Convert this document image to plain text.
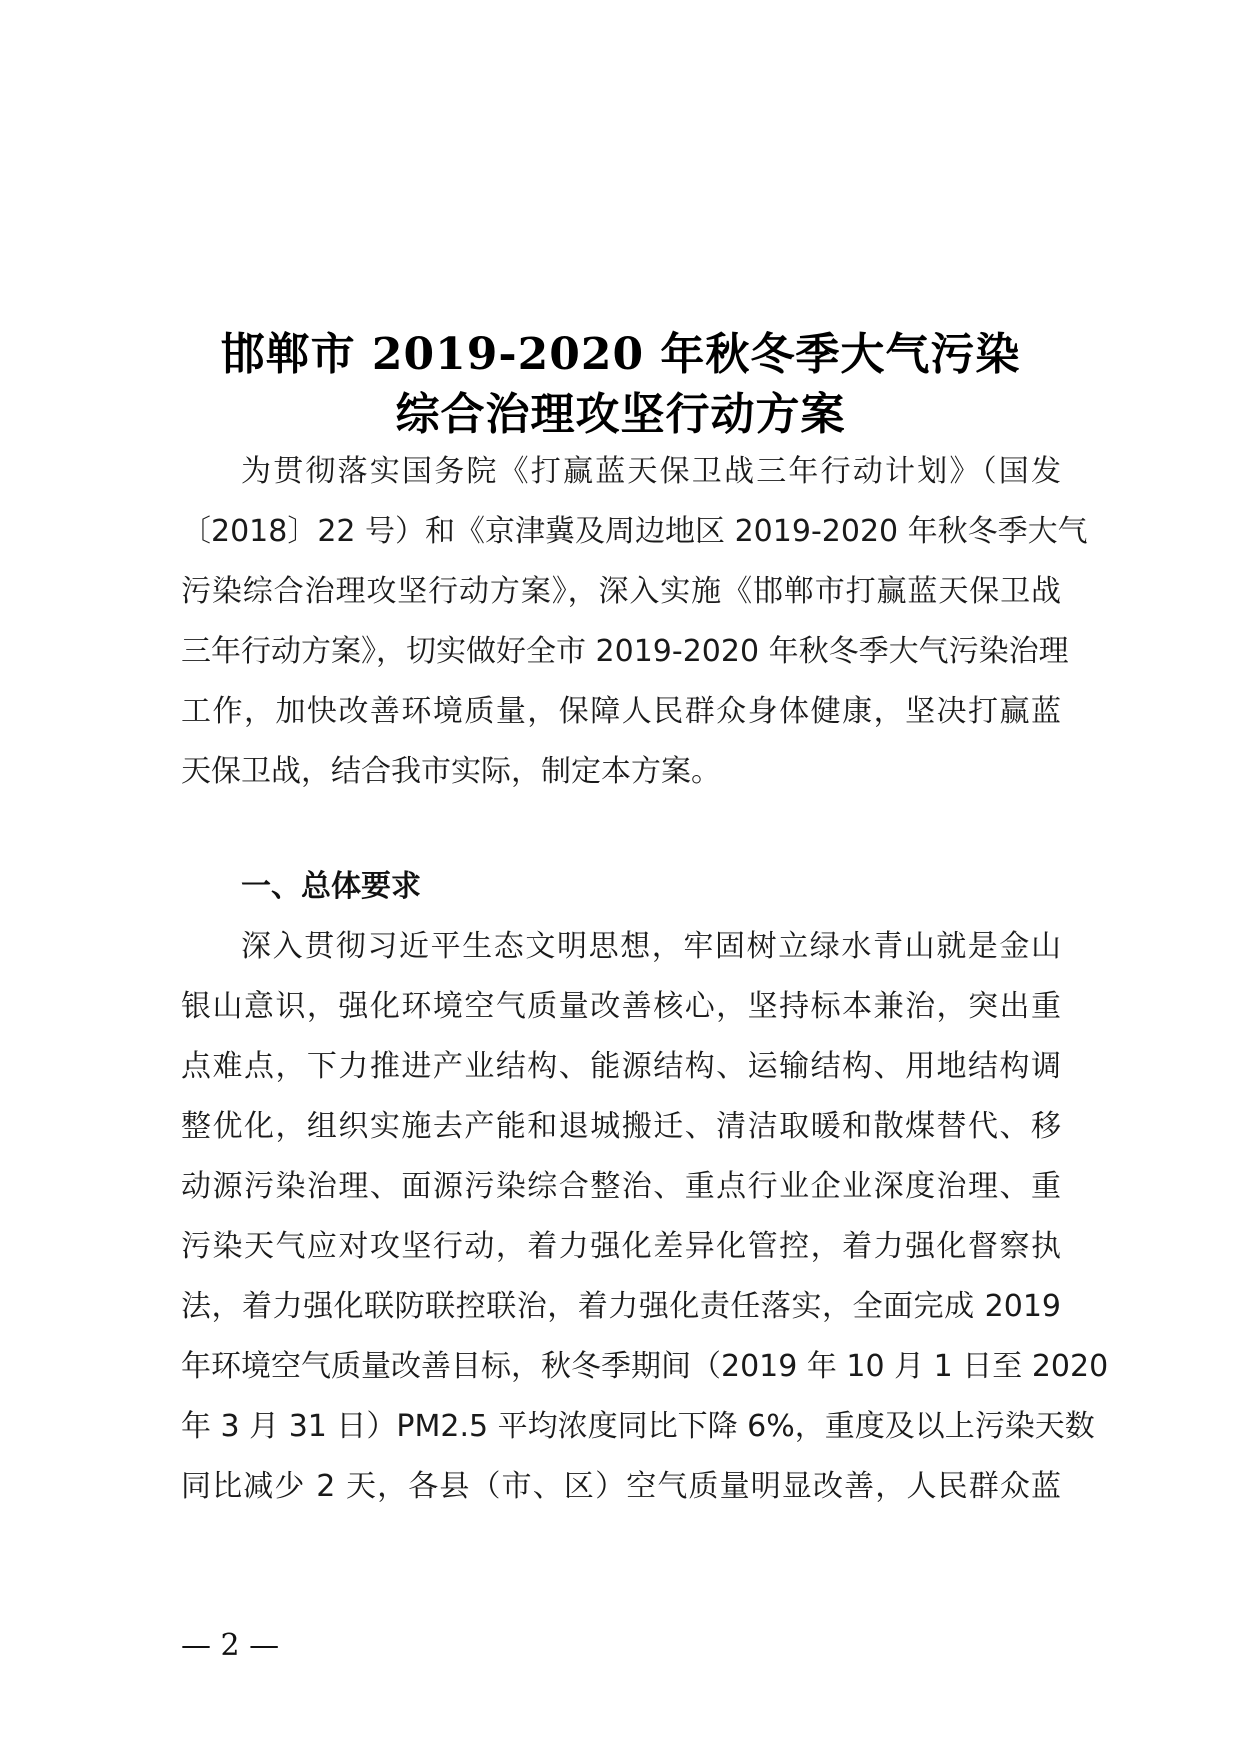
邯郸市 2019-2020 年秋冬季大气污染
综合治理攻坚行动方案
为贯彻落实国务院《打赢蓝天保卫战三年行动计划》（国发
〔2018〕22 号）和《京津冀及周边地区 2019-2020 年秋冬季大气
污染综合治理攻坚行动方案》，深入实施《邯郸市打赢蓝天保卫战
三年行动方案》，切实做好全市 2019-2020 年秋冬季大气污染治理
工作，加快改善环境质量，保障人民群众身体健康，坚决打赢蓝
天保卫战，结合我市实际，制定本方案。
一、总体要求
深入贯彻习近平生态文明思想，牢固树立绿水青山就是金山
银山意识，强化环境空气质量改善核心，坚持标本兼治，突出重
点难点，下力推进产业结构、能源结构、运输结构、用地结构调
整优化，组织实施去产能和退城搬迁、清洁取暖和散煤替代、移
动源污染治理、面源污染综合整治、重点行业企业深度治理、重
污染天气应对攻坚行动，着力强化差异化管控，着力强化督察执
法，着力强化联防联控联治，着力强化责任落实，全面完成 2019
年环境空气质量改善目标，秋冬季期间（2019 年 10 月 1 日至 2020
年 3 月 31 日）PM2.5 平均浓度同比下降 6%，重度及以上污染天数
同比减少 2 天，各县（市、区）空气质量明显改善，人民群众蓝
— 2 —
